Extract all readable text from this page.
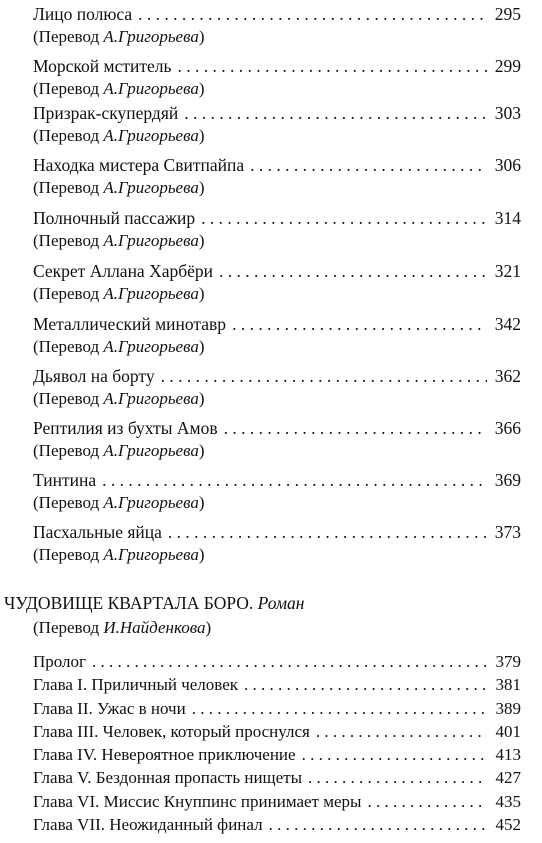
Лицо полюса . . .	295
(Перевод А.Григорьева)
Морской мститель . . .	299
(Перевод А.Григорьева)
Призрак-скупердяй . . .	303
(Перевод А.Григорьева)
Находка мистера Свитпайпа . . .	306
(Перевод А.Григорьева)
Полночный пассажир . . .	314
(Перевод А.Григорьева)
Секрет Аллана Харбёри . . .	321
(Перевод А.Григорьева)
Металлический минотавр . . .	342
(Перевод А.Григорьева)
Дьявол на борту . . .	362
(Перевод А.Григорьева)
Рептилия из бухты Амов . . .	366
(Перевод А.Григорьева)
Тинтина . . .	369
(Перевод А.Григорьева)
Пасхальные яйца . . .	373
(Перевод А.Григорьева)
ЧУДОВИЩЕ КВАРТАЛА БОРО. Роман
(Перевод И.Найденкова)
Пролог . . .	379
Глава I. Приличный человек . . .	381
Глава II. Ужас в ночи . . .	389
Глава III. Человек, который проснулся . . .	401
Глава IV. Невероятное приключение . . .	413
Глава V. Бездонная пропасть нищеты . . .	427
Глава VI. Миссис Кнуппинс принимает меры . . .	435
Глава VII. Неожиданный финал . . .	452
